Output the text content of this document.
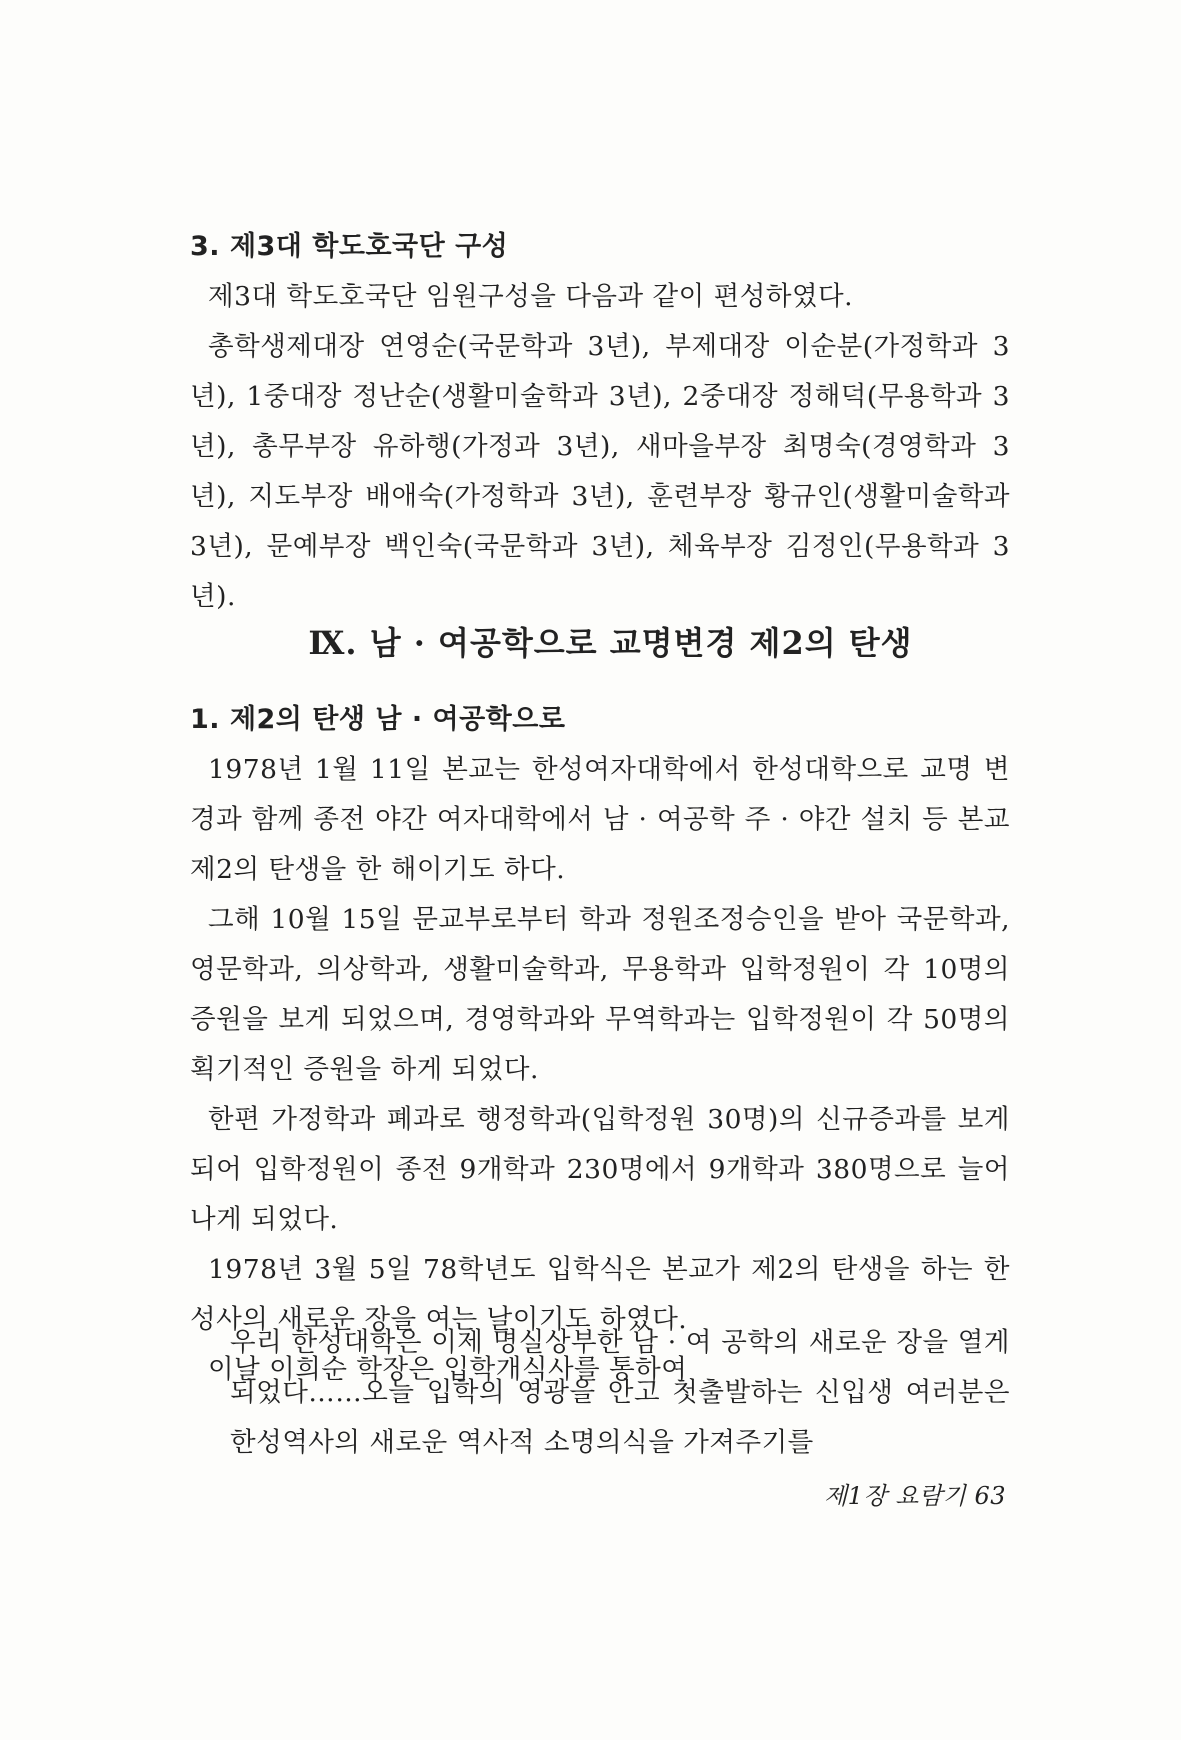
3. 제3대 학도호국단 구성

제3대 학도호국단 임원구성을 다음과 같이 편성하였다.

총학생제대장 연영순(국문학과 3년), 부제대장 이순분(가정학과 3년), 1중대장 정난순(생활미술학과 3년), 2중대장 정해덕(무용학과 3년), 총무부장 유하행(가정과 3년), 새마을부장 최명숙(경영학과 3년), 지도부장 배애숙(가정학과 3년), 훈련부장 황규인(생활미술학과 3년), 문예부장 백인숙(국문학과 3년), 체육부장 김정인(무용학과 3년).

Ⅸ. 남 · 여공학으로 교명변경 제2의 탄생
1. 제2의 탄생 남 · 여공학으로

1978년 1월 11일 본교는 한성여자대학에서 한성대학으로 교명 변경과 함께 종전 야간 여자대학에서 남 · 여공학 주 · 야간 설치 등 본교 제2의 탄생을 한 해이기도 하다.

그해 10월 15일 문교부로부터 학과 정원조정승인을 받아 국문학과, 영문학과, 의상학과, 생활미술학과, 무용학과 입학정원이 각 10명의 증원을 보게 되었으며, 경영학과와 무역학과는 입학정원이 각 50명의 획기적인 증원을 하게 되었다.

한편 가정학과 폐과로 행정학과(입학정원 30명)의 신규증과를 보게 되어 입학정원이 종전 9개학과 230명에서 9개학과 380명으로 늘어나게 되었다.

1978년 3월 5일 78학년도 입학식은 본교가 제2의 탄생을 하는 한성사의 새로운 장을 여는 날이기도 하였다.

이날 이희순 학장은 입학개식사를 통하여

우리 한성대학은 이제 명실상부한 남 · 여 공학의 새로운 장을 열게 되었다……오늘 입학의 영광을 안고 첫출발하는 신입생 여러분은 한성역사의 새로운 역사적 소명의식을 가져주기를

제1장 요람기 63
